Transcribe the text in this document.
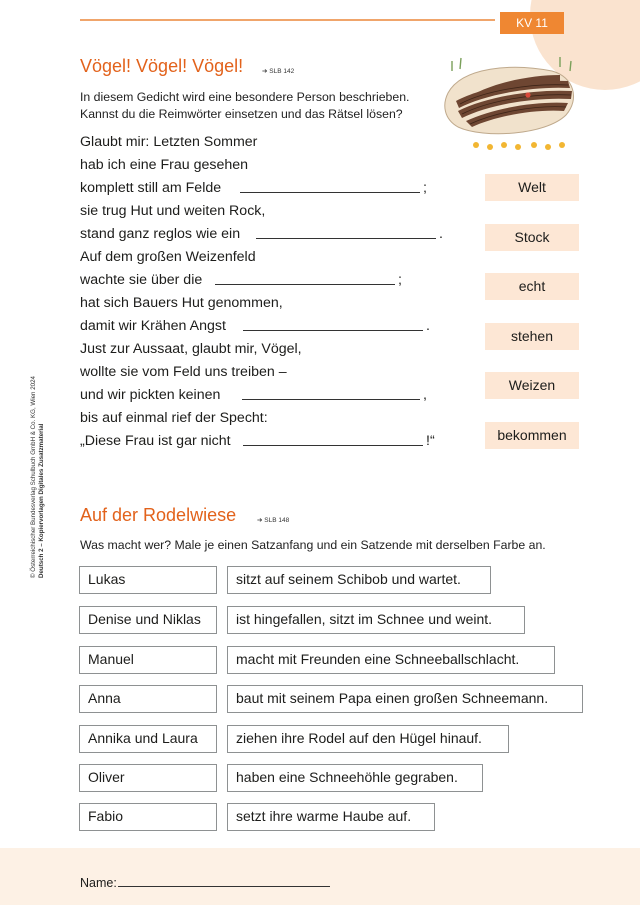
KV 11
© Österreichischer Bundesverlag Schulbuch GmbH & Co. KG, Wien 2024 Deutsch 2 – Kopiervorlagen Digitales Zusatzmaterial
Vögel! Vögel! Vögel!	➔ SLB 142
In diesem Gedicht wird eine besondere Person beschrieben.
Kannst du die Reimwörter einsetzen und das Rätsel lösen?
Glaubt mir: Letzten Sommer
hab ich eine Frau gesehen
komplett still am Felde	;
sie trug Hut und weiten Rock,
stand ganz reglos wie ein	.
Auf dem großen Weizenfeld
wachte sie über die	;
hat sich Bauers Hut genommen,
damit wir Krähen Angst	.
Just zur Aussaat, glaubt mir, Vögel,
wollte sie vom Feld uns treiben –
und wir pickten keinen	,
bis auf einmal rief der Specht:
„Diese Frau ist gar nicht	!“
Welt
Stock
echt
stehen
Weizen
bekommen
Auf der Rodelwiese	➔ SLB 148
Was macht wer? Male je einen Satzanfang und ein Satzende mit derselben Farbe an.
Lukas	sitzt auf seinem Schibob und wartet.
Denise und Niklas	ist hingefallen, sitzt im Schnee und weint.
Manuel	macht mit Freunden eine Schneeballschlacht.
Anna	baut mit seinem Papa einen großen Schneemann.
Annika und Laura	ziehen ihre Rodel auf den Hügel hinauf.
Oliver	haben eine Schneehöhle gegraben.
Fabio	setzt ihre warme Haube auf.
Name:
